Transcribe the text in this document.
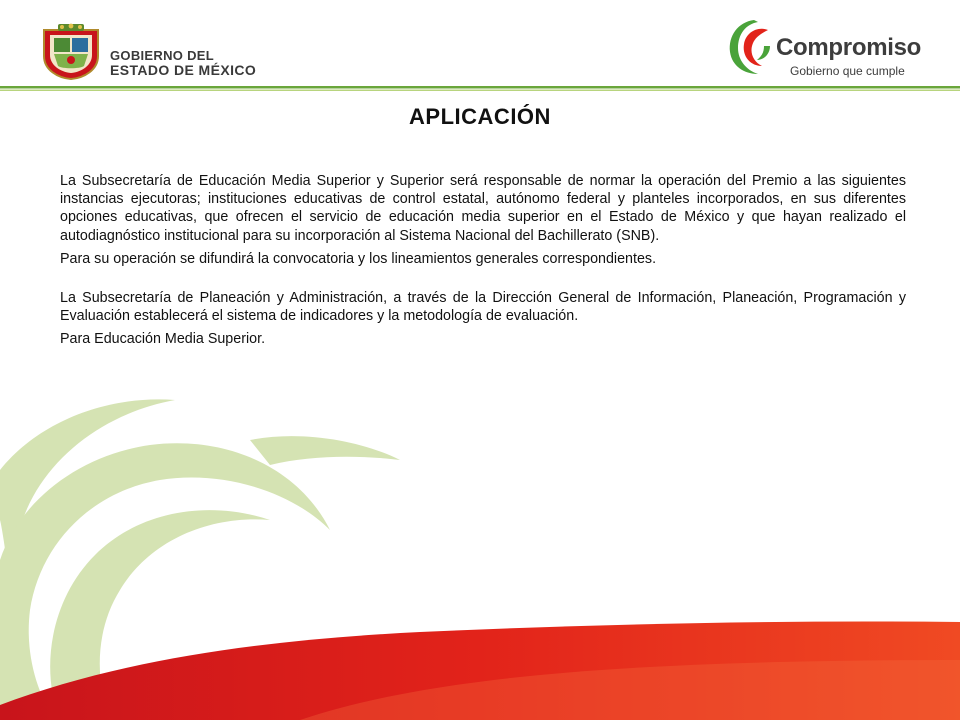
GOBIERNO DEL
ESTADO DE MÉXICO
Compromiso
Gobierno que cumple
APLICACIÓN

La Subsecretaría de Educación Media Superior y Superior será responsable de normar la operación del Premio a las siguientes instancias ejecutoras; instituciones educativas de control estatal, autónomo federal y planteles incorporados, en sus diferentes opciones educativas, que ofrecen el servicio de educación media superior en el Estado de México y que hayan realizado el autodiagnóstico institucional para su incorporación al Sistema Nacional del Bachillerato (SNB).

Para su operación se difundirá la convocatoria y los lineamientos generales correspondientes.

La Subsecretaría de Planeación y Administración, a través de la Dirección General de Información, Planeación, Programación y Evaluación establecerá el sistema de indicadores y la metodología de evaluación.

Para Educación Media Superior.
